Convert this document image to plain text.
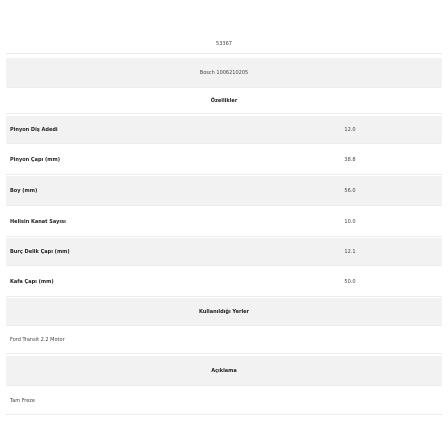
53367
Bosch 1006210205
Özellikler
Pinyon Diş Adedi	12.0
Pinyon Çapı (mm)	38.8
Boy (mm)	56.0
Helisin Kanat Sayısı	10.0
Burç Delik Çapı (mm)	12.1
Kafa Çapı (mm)	50.0
Kullanıldığı Yerler
Ford Transit 2.2 Motor
Açıklama
Tam Freze
